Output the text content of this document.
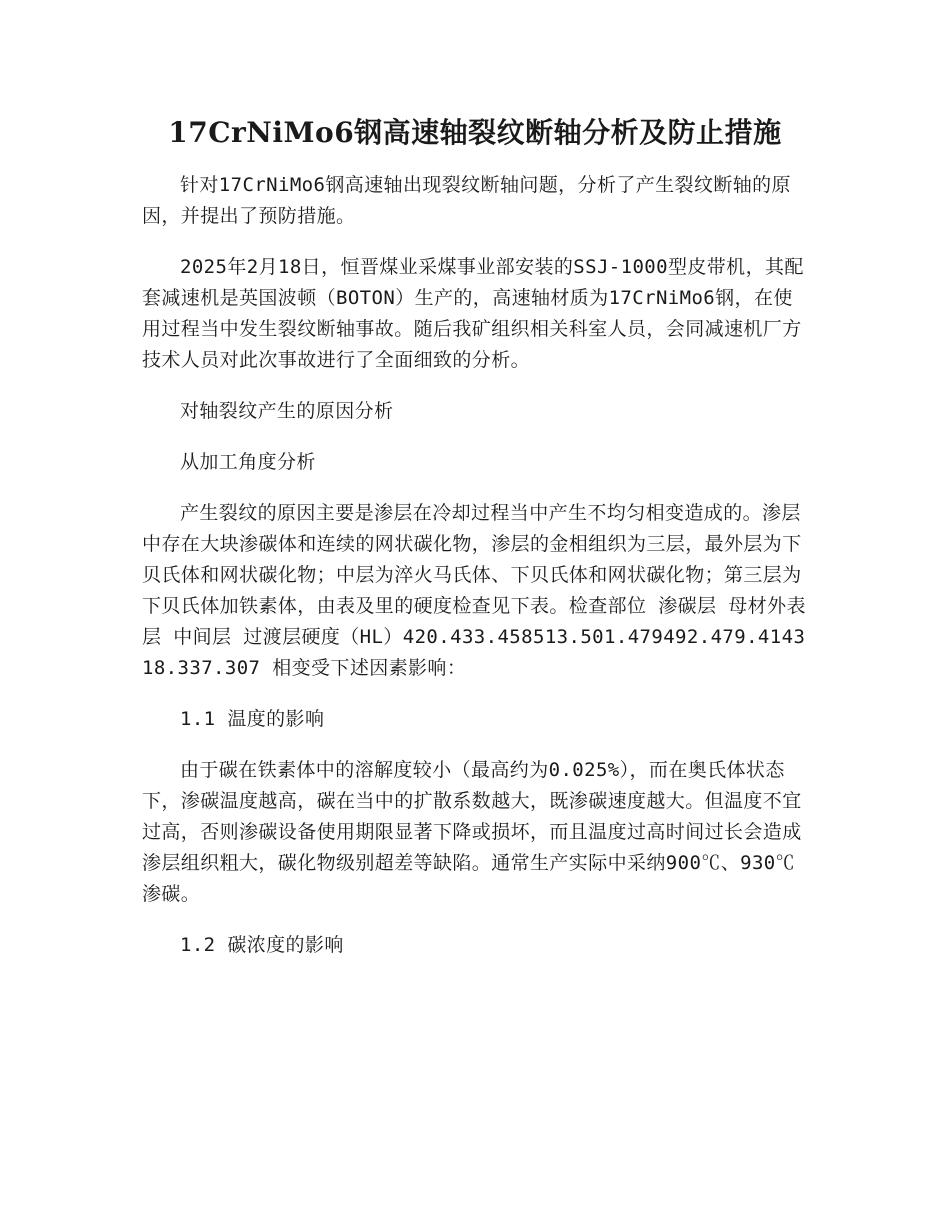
17CrNiMo6钢高速轴裂纹断轴分析及防止措施

针对17CrNiMo6钢高速轴出现裂纹断轴问题，分析了产生裂纹断轴的原因，并提出了预防措施。

2025年2月18日，恒晋煤业采煤事业部安装的SSJ-1000型皮带机，其配套减速机是英国波顿（BOTON）生产的，高速轴材质为17CrNiMo6钢，在使用过程当中发生裂纹断轴事故。随后我矿组织相关科室人员，会同减速机厂方技术人员对此次事故进行了全面细致的分析。

对轴裂纹产生的原因分析

从加工角度分析

产生裂纹的原因主要是渗层在冷却过程当中产生不均匀相变造成的。渗层中存在大块渗碳体和连续的网状碳化物，渗层的金相组织为三层，最外层为下贝氏体和网状碳化物；中层为淬火马氏体、下贝氏体和网状碳化物；第三层为下贝氏体加铁素体，由表及里的硬度检查见下表。检查部位 渗碳层 母材外表层 中间层 过渡层硬度（HL）420.433.458513.501.479492.479.414318.337.307 相变受下述因素影响：

1.1 温度的影响

由于碳在铁素体中的溶解度较小（最高约为0.025%），而在奥氏体状态下，渗碳温度越高，碳在当中的扩散系数越大，既渗碳速度越大。但温度不宜过高，否则渗碳设备使用期限显著下降或损坏，而且温度过高时间过长会造成渗层组织粗大，碳化物级别超差等缺陷。通常生产实际中采纳900℃、930℃渗碳。

1.2 碳浓度的影响
